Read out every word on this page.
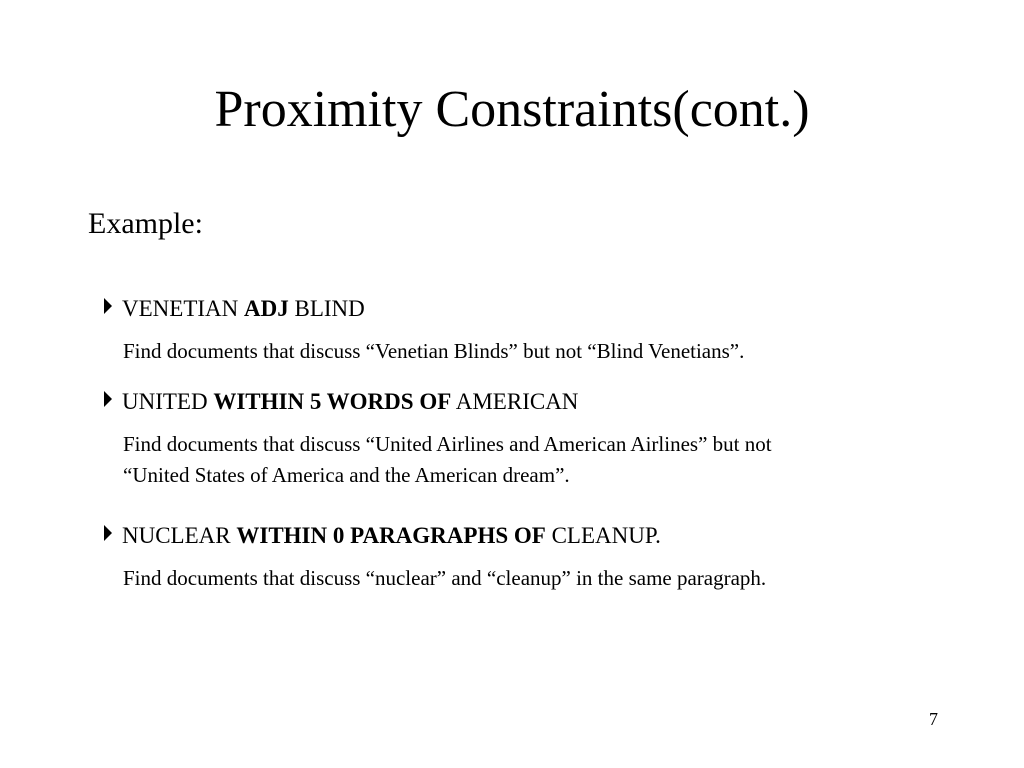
Proximity Constraints(cont.)
Example:
VENETIAN ADJ BLIND
Find documents that discuss “Venetian Blinds” but not “Blind Venetians”.
UNITED WITHIN 5 WORDS OF AMERICAN
Find documents that discuss “United Airlines and American Airlines” but not
“United States of America and the American dream”.
NUCLEAR WITHIN 0 PARAGRAPHS OF CLEANUP.
Find documents that discuss “nuclear” and “cleanup” in the same paragraph.
7
